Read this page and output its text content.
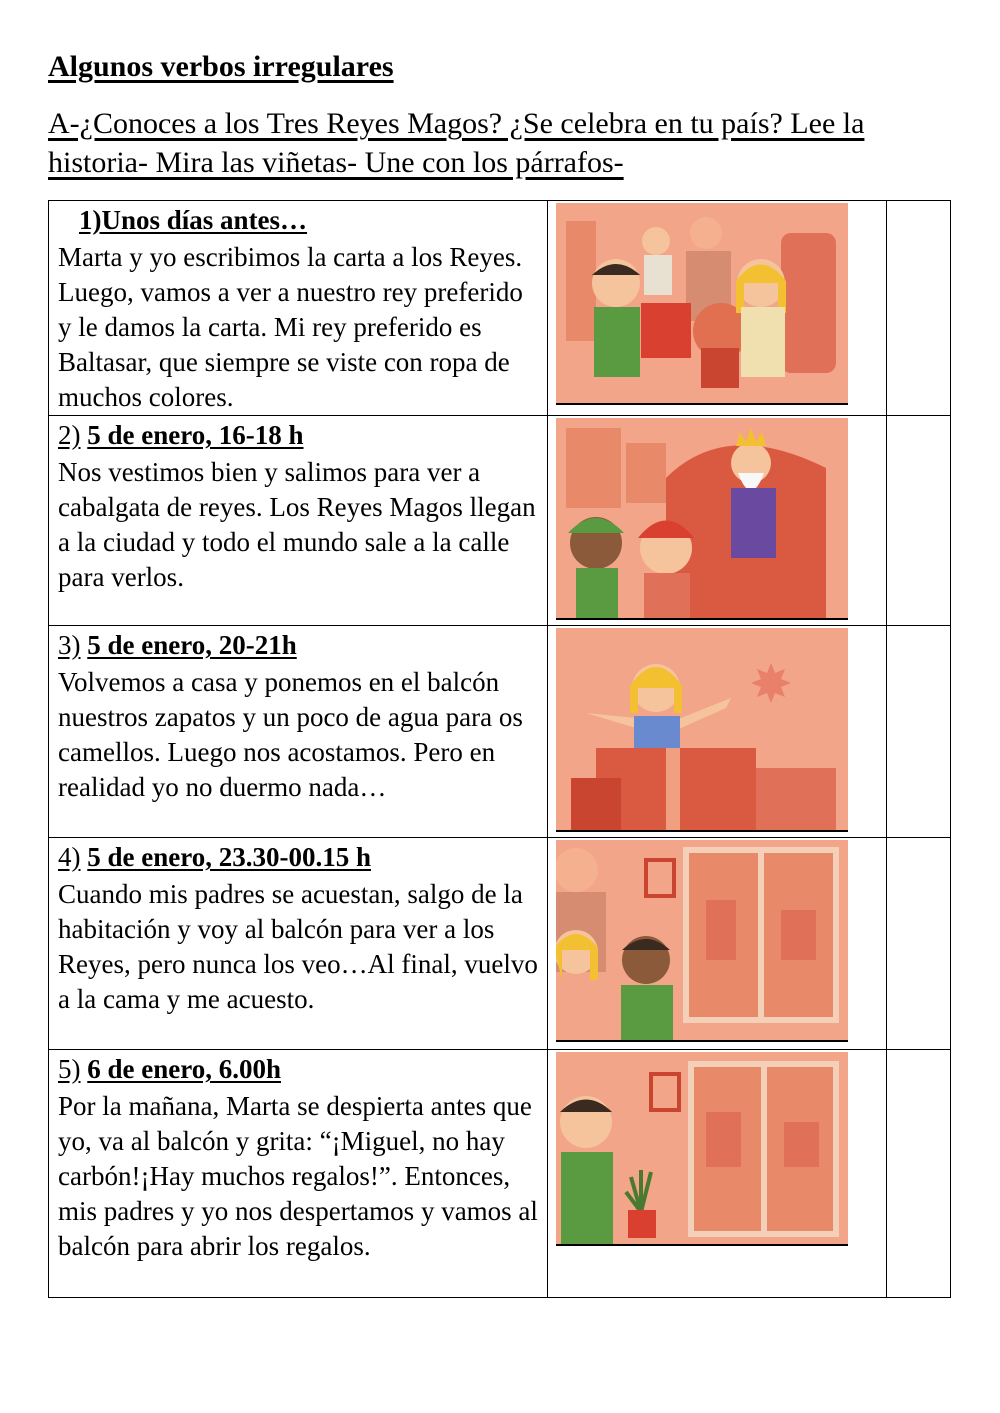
Algunos verbos irregulares
A-¿Conoces a los Tres Reyes Magos? ¿Se celebra en tu país? Lee la historia- Mira las viñetas- Une con los párrafos-
1)Unos días antes…
Marta y yo escribimos la carta a los Reyes. Luego, vamos a ver a nuestro rey preferido y le damos la carta. Mi rey preferido es Baltasar, que siempre se viste con ropa de muchos colores.

2) 5 de enero, 16-18 h
Nos vestimos bien y salimos para ver a cabalgata de reyes. Los Reyes Magos llegan a la ciudad y todo el mundo sale a la calle para verlos.

3) 5 de enero, 20-21h
Volvemos a casa y ponemos en el balcón nuestros zapatos y un poco de agua para os camellos. Luego nos acostamos. Pero en realidad yo no duermo nada…

4) 5 de enero, 23.30-00.15 h
Cuando mis padres se acuestan, salgo de la habitación y voy al balcón para ver a los Reyes, pero nunca los veo…Al final, vuelvo a la cama y me acuesto.

5) 6 de enero, 6.00h
Por la mañana, Marta se despierta antes que yo, va al balcón y grita: “¡Miguel, no hay carbón!¡Hay muchos regalos!”. Entonces, mis padres y yo nos despertamos y vamos al balcón para abrir los regalos.
